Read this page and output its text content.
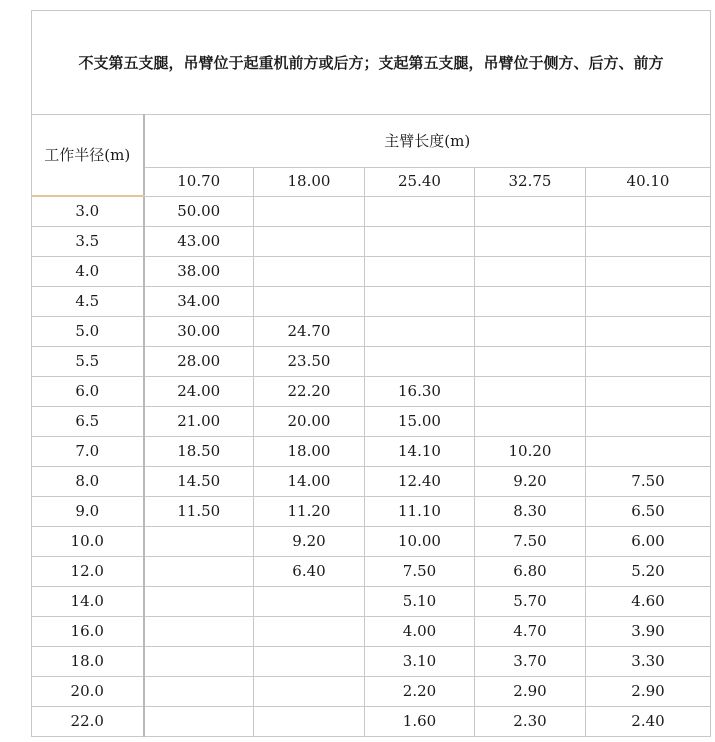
不支第五支腿，吊臂位于起重机前方或后方；支起第五支腿，吊臂位于侧方、后方、前方					
工作半径(m)	主臂长度(m)				
	10.70	18.00	25.40	32.75	40.10
3.0	50.00				
3.5	43.00				
4.0	38.00				
4.5	34.00				
5.0	30.00	24.70			
5.5	28.00	23.50			
6.0	24.00	22.20	16.30		
6.5	21.00	20.00	15.00		
7.0	18.50	18.00	14.10	10.20	
8.0	14.50	14.00	12.40	9.20	7.50
9.0	11.50	11.20	11.10	8.30	6.50
10.0		9.20	10.00	7.50	6.00
12.0		6.40	7.50	6.80	5.20
14.0			5.10	5.70	4.60
16.0			4.00	4.70	3.90
18.0			3.10	3.70	3.30
20.0			2.20	2.90	2.90
22.0			1.60	2.30	2.40
